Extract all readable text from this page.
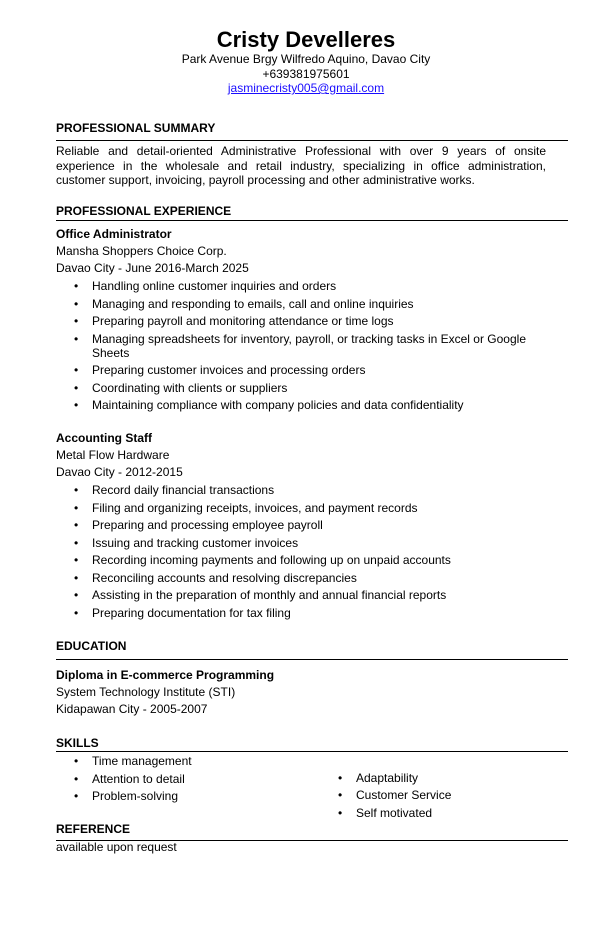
Cristy Develleres
Park Avenue Brgy Wilfredo Aquino, Davao City
+639381975601
jasminecristy005@gmail.com
PROFESSIONAL SUMMARY
Reliable and detail-oriented Administrative Professional with over 9 years of onsite experience in the wholesale and retail industry, specializing in office administration, customer support, invoicing, payroll processing and other administrative works.
PROFESSIONAL EXPERIENCE
Office Administrator
Mansha Shoppers Choice Corp.
Davao City - June 2016-March 2025
• Handling online customer inquiries and orders
• Managing and responding to emails, call and online inquiries
• Preparing payroll and monitoring attendance or time logs
• Managing spreadsheets for inventory, payroll, or tracking tasks in Excel or Google Sheets
• Preparing customer invoices and processing orders
• Coordinating with clients or suppliers
• Maintaining compliance with company policies and data confidentiality
Accounting Staff
Metal Flow Hardware
Davao City - 2012-2015
• Record daily financial transactions
• Filing and organizing receipts, invoices, and payment records
• Preparing and processing employee payroll
• Issuing and tracking customer invoices
• Recording incoming payments and following up on unpaid accounts
• Reconciling accounts and resolving discrepancies
• Assisting in the preparation of monthly and annual financial reports
• Preparing documentation for tax filing
EDUCATION
Diploma in E-commerce Programming
System Technology Institute (STI)
Kidapawan City - 2005-2007
SKILLS
• Time management
• Attention to detail
• Problem-solving
• Adaptability
• Customer Service
• Self motivated
REFERENCE
available upon request
